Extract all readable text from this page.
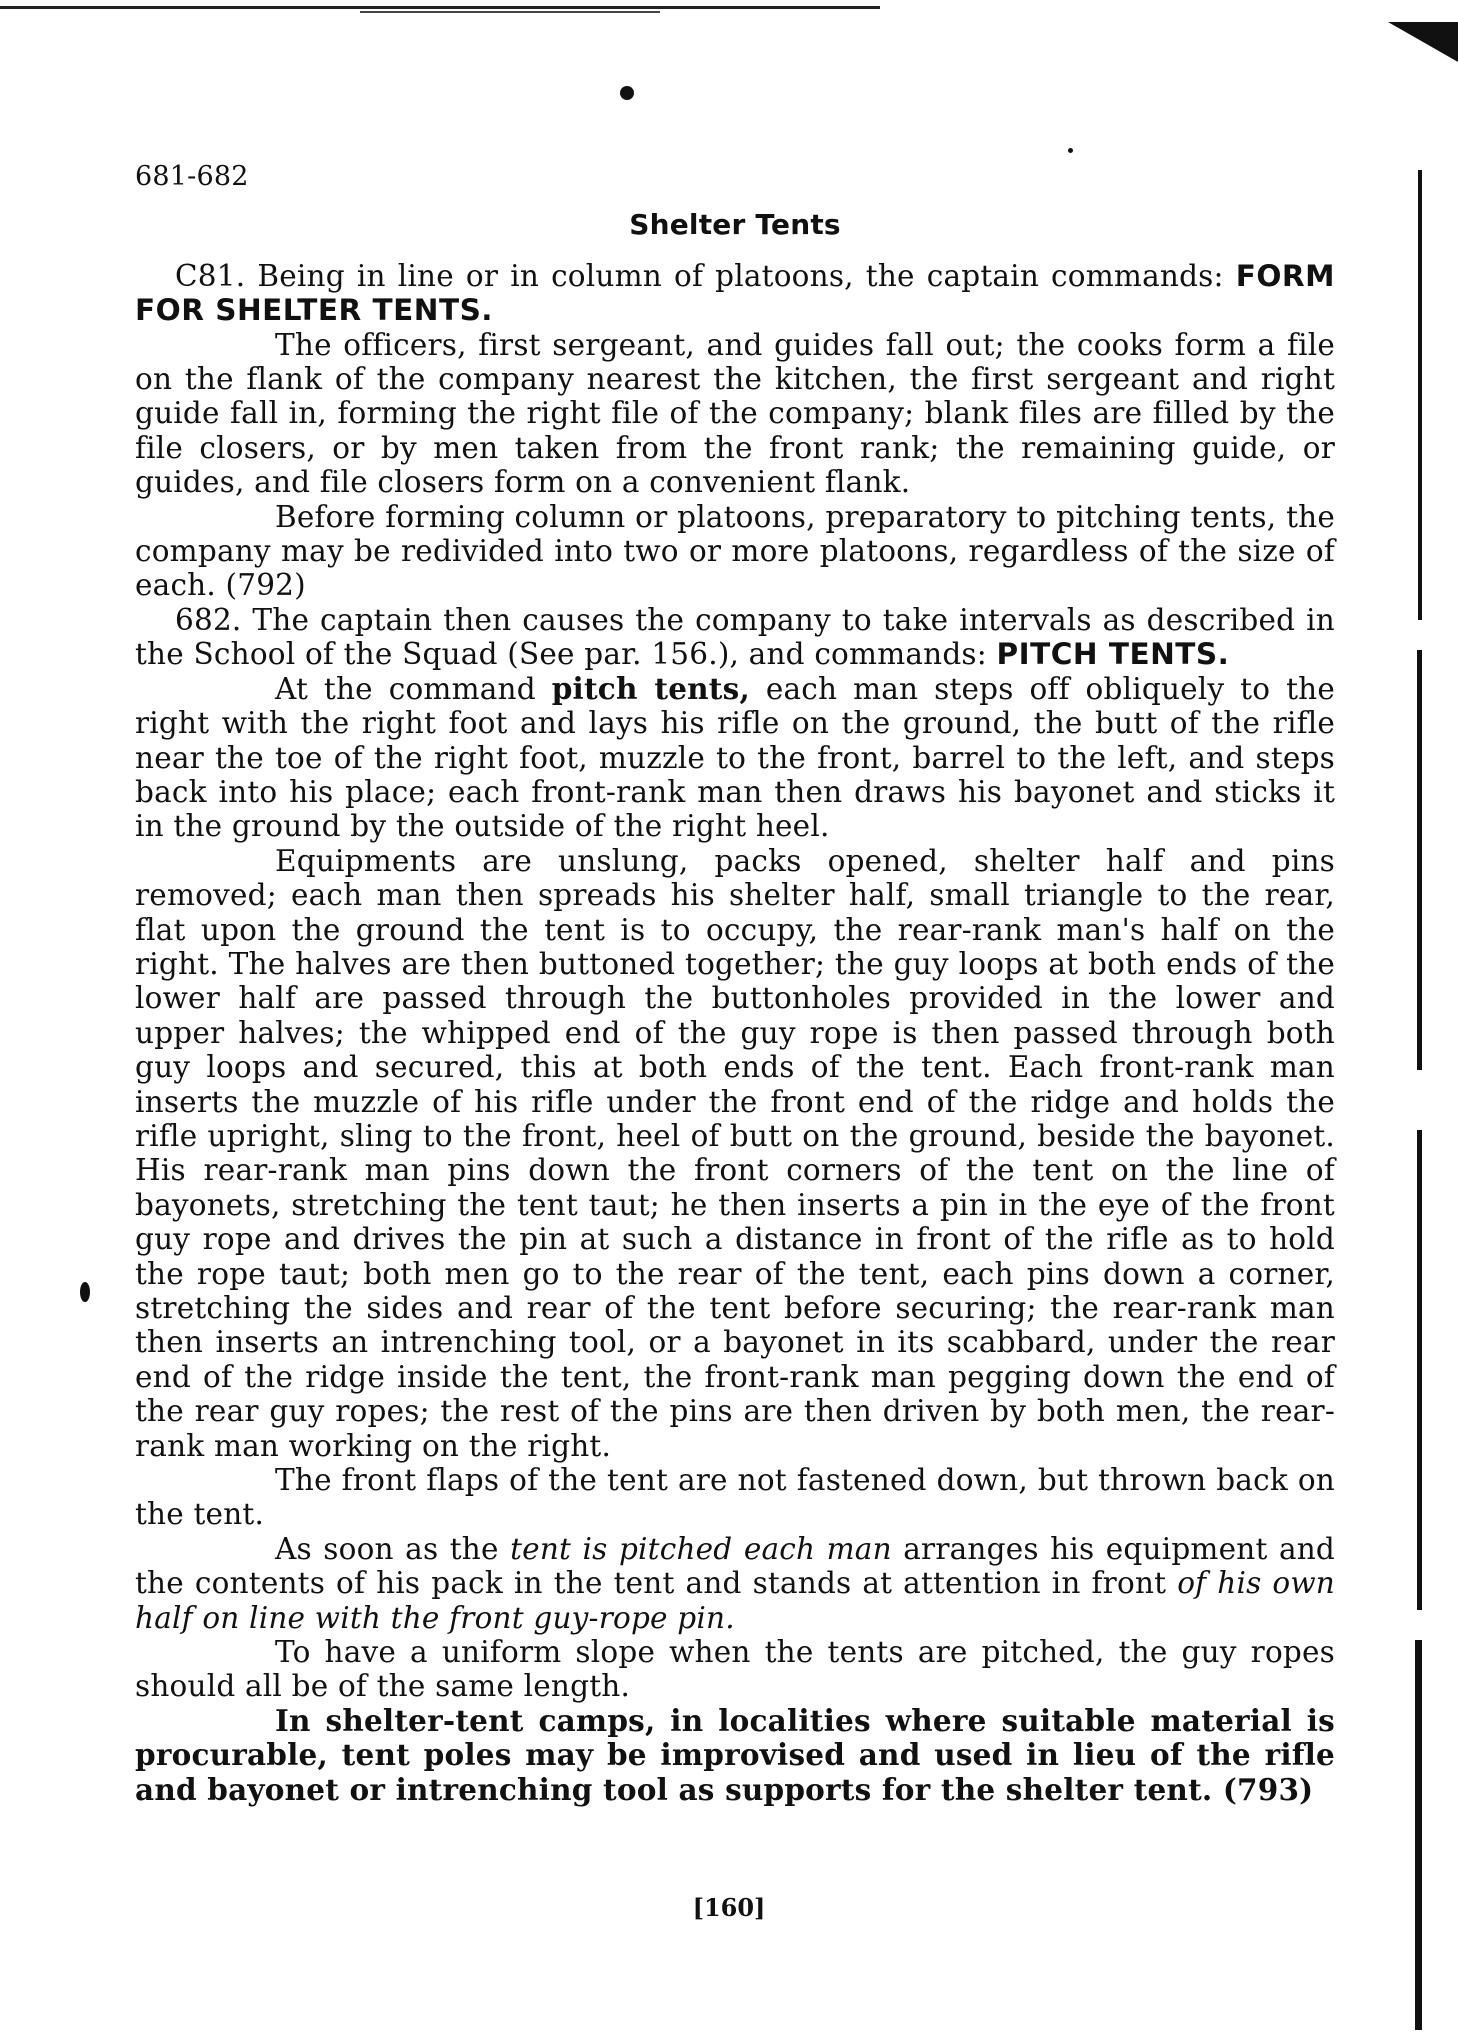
681-682
Shelter Tents

C81. Being in line or in column of platoons, the captain commands: FORM FOR SHELTER TENTS.

The officers, first sergeant, and guides fall out; the cooks form a file on the flank of the company nearest the kitchen, the first sergeant and right guide fall in, forming the right file of the company; blank files are filled by the file closers, or by men taken from the front rank; the remaining guide, or guides, and file closers form on a convenient flank.

Before forming column or platoons, preparatory to pitching tents, the company may be redivided into two or more platoons, regardless of the size of each. (792)

682. The captain then causes the company to take intervals as described in the School of the Squad (See par. 156.), and commands: PITCH TENTS.

At the command pitch tents, each man steps off obliquely to the right with the right foot and lays his rifle on the ground, the butt of the rifle near the toe of the right foot, muzzle to the front, barrel to the left, and steps back into his place; each front-rank man then draws his bayonet and sticks it in the ground by the outside of the right heel.

Equipments are unslung, packs opened, shelter half and pins removed; each man then spreads his shelter half, small triangle to the rear, flat upon the ground the tent is to occupy, the rear-rank man's half on the right. The halves are then buttoned together; the guy loops at both ends of the lower half are passed through the buttonholes provided in the lower and upper halves; the whipped end of the guy rope is then passed through both guy loops and secured, this at both ends of the tent. Each front-rank man inserts the muzzle of his rifle under the front end of the ridge and holds the rifle upright, sling to the front, heel of butt on the ground, beside the bayonet. His rear-rank man pins down the front corners of the tent on the line of bayonets, stretching the tent taut; he then inserts a pin in the eye of the front guy rope and drives the pin at such a distance in front of the rifle as to hold the rope taut; both men go to the rear of the tent, each pins down a corner, stretching the sides and rear of the tent before securing; the rear-rank man then inserts an intrenching tool, or a bayonet in its scabbard, under the rear end of the ridge inside the tent, the front-rank man pegging down the end of the rear guy ropes; the rest of the pins are then driven by both men, the rear-rank man working on the right.

The front flaps of the tent are not fastened down, but thrown back on the tent.

As soon as the tent is pitched each man arranges his equipment and the contents of his pack in the tent and stands at attention in front of his own half on line with the front guy-rope pin.

To have a uniform slope when the tents are pitched, the guy ropes should all be of the same length.

In shelter-tent camps, in localities where suitable material is procurable, tent poles may be improvised and used in lieu of the rifle and bayonet or intrenching tool as supports for the shelter tent. (793)

[160]
